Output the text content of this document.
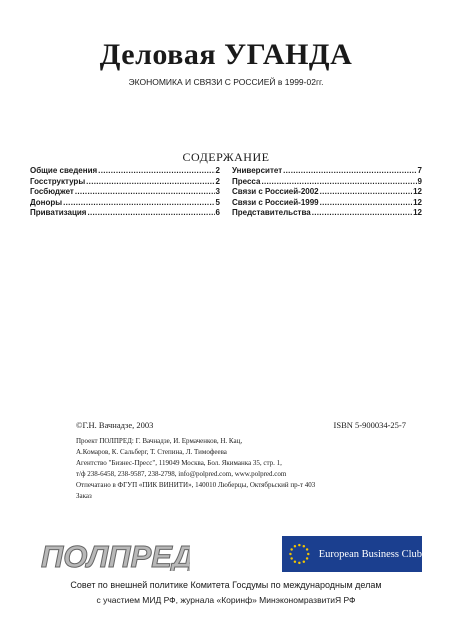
Деловая УГАНДА
ЭКОНОМИКА И СВЯЗИ С РОССИЕЙ в 1999-02гг.
СОДЕРЖАНИЕ
Общие сведения .....	2
Госструктуры .....	2
Госбюджет .....	3
Доноры .....	5
Приватизация .....	6
Университет .....	7
Пресса .....	9
Связи с Россией-2002 .....	12
Связи с Россией-1999 .....	12
Представительства .....	12
©Г.Н. Вачнадзе, 2003	ISBN 5-900034-25-7
Проект ПОЛПРЕД: Г. Вачнадзе, И. Ермаченков, Н. Кац,
А.Комаров, К. Сальберг, Т. Степина, Л. Тимофеева
Агентство "Бизнес-Пресс", 119049 Москва, Бол. Якиманка 35, стр. 1,
т/ф 238-6458, 238-9587, 238-2798, info@polpred.com, www.polpred.com
Отпечатано в ФГУП «ПИК ВИНИТИ», 140010 Люберцы, Октябрьский пр-т 403
Заказ
ПОЛПРЕД	European Business Club
Совет по внешней политике Комитета Госдумы по международным делам
с участием МИД РФ, журнала «Коринф» МинэкономразвитиЯ РФ
